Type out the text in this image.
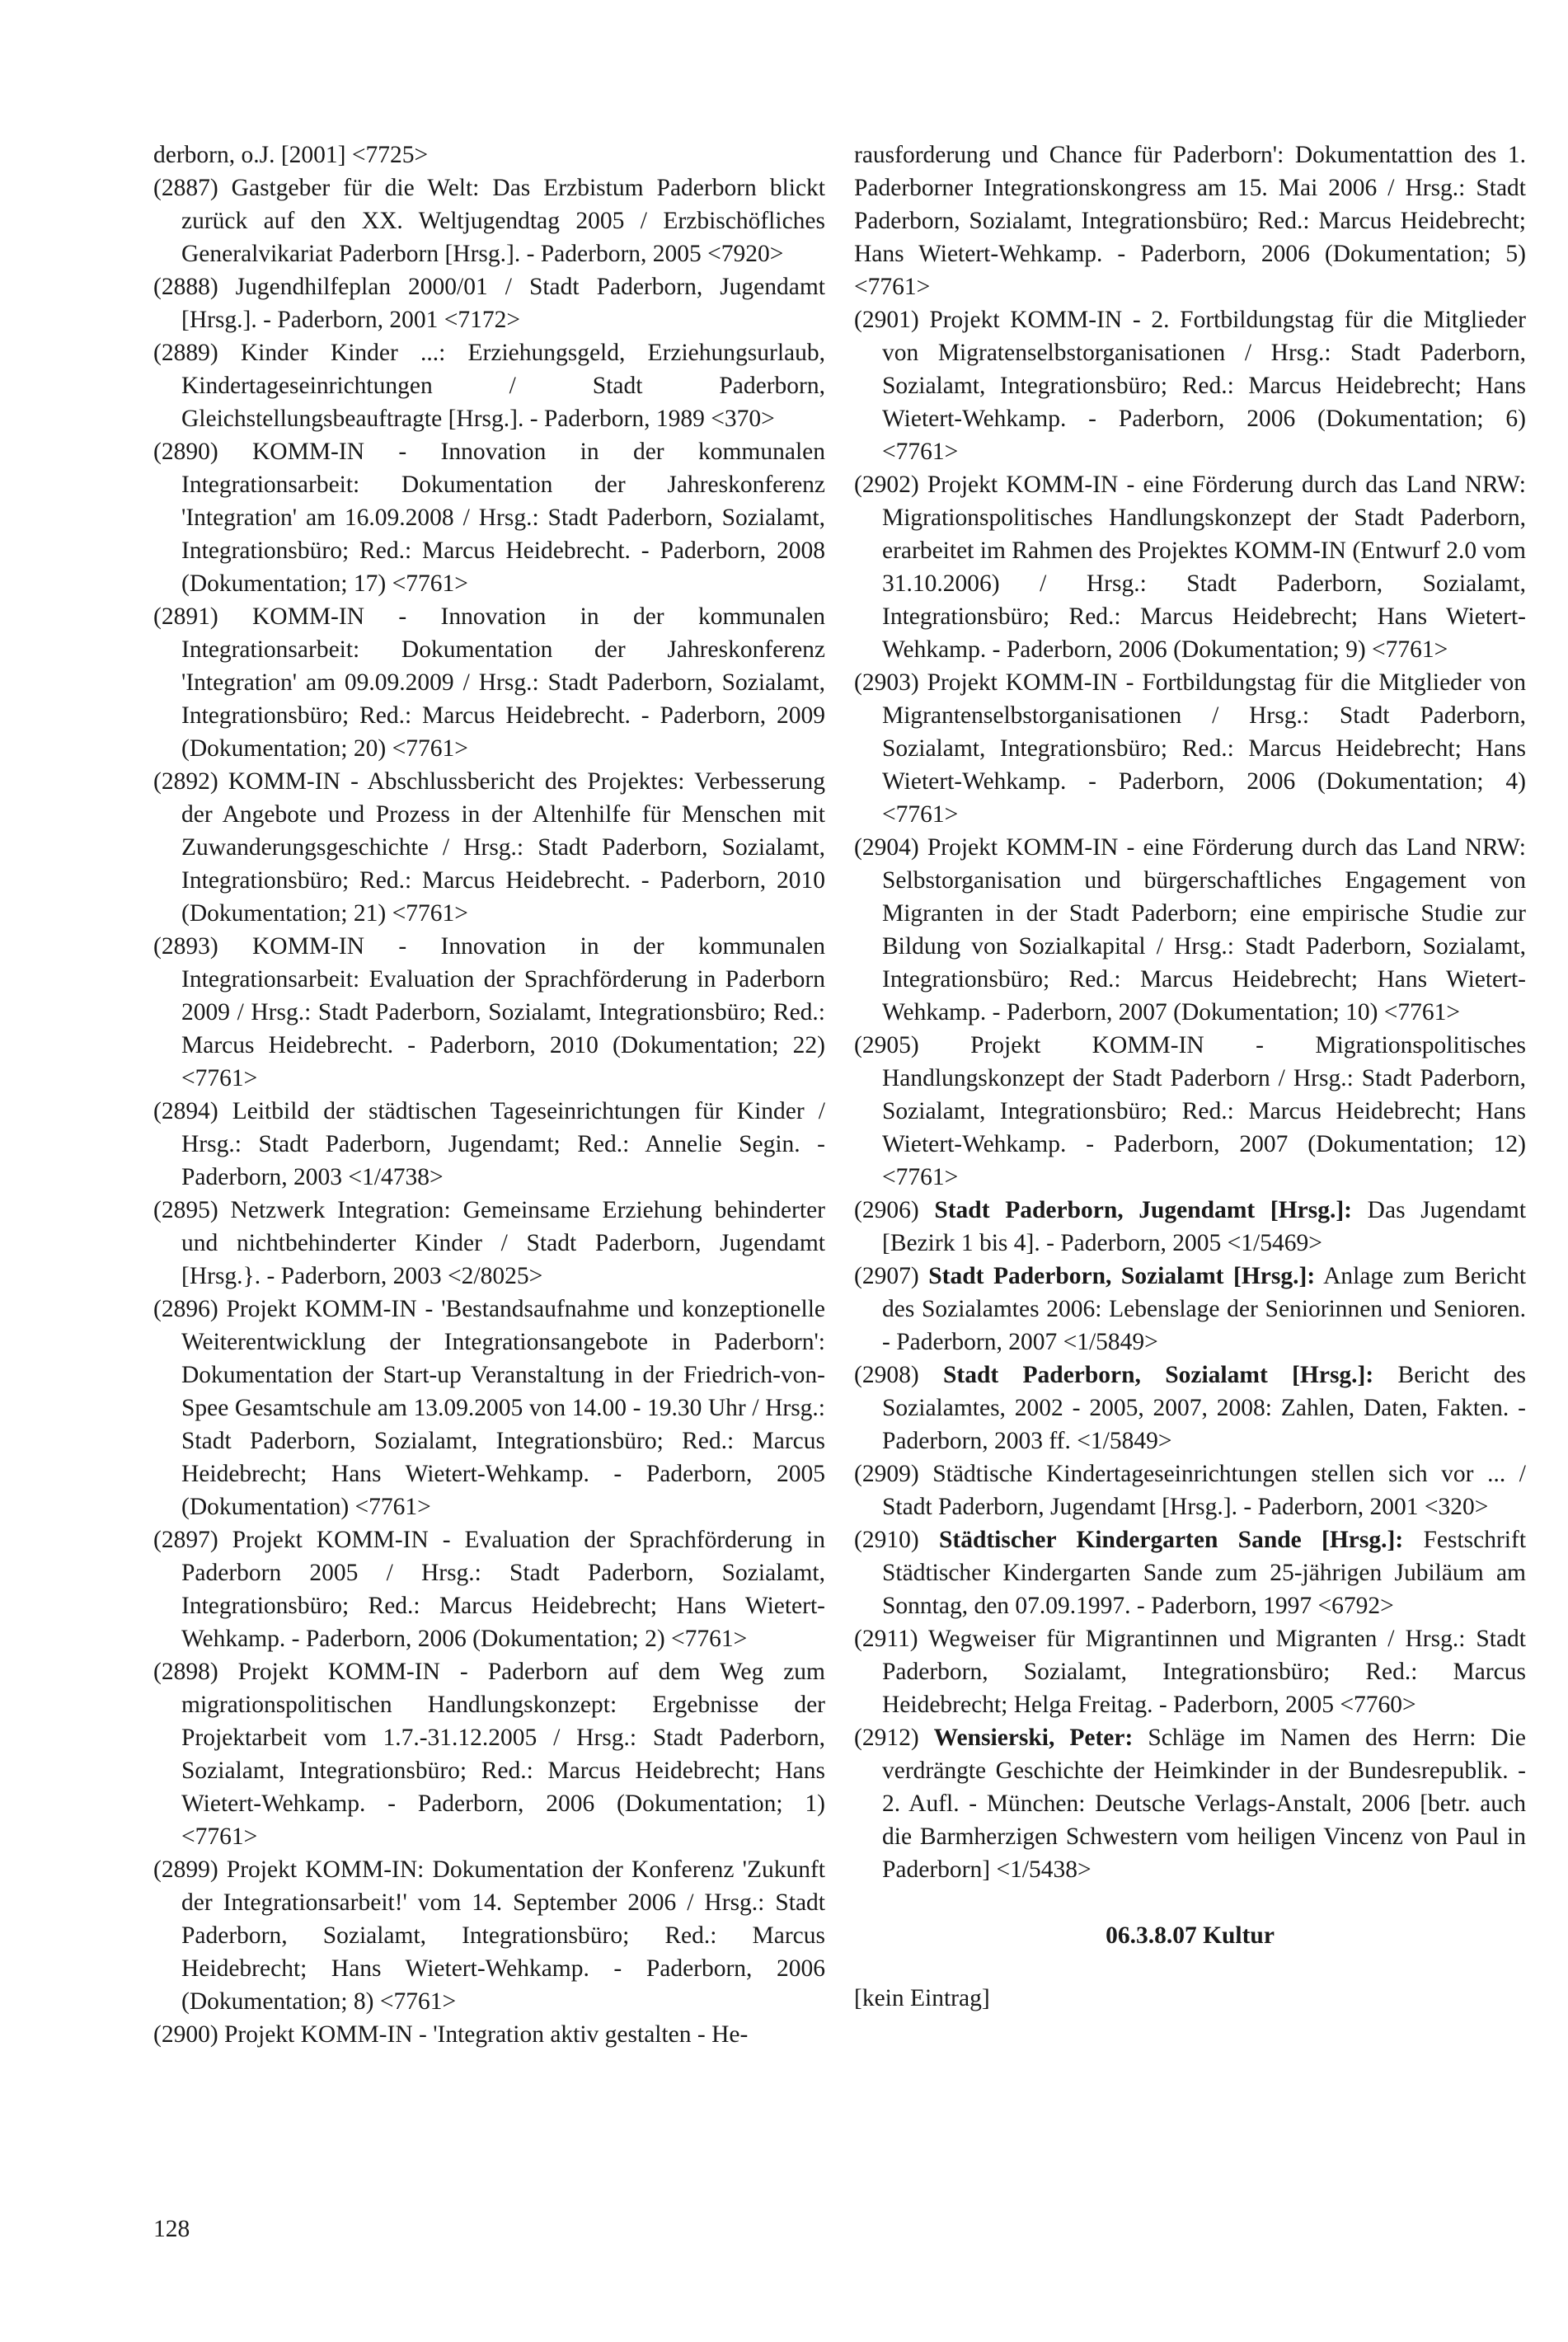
derborn, o.J. [2001] <7725>

(2887) Gastgeber für die Welt: Das Erzbistum Paderborn blickt zurück auf den XX. Weltjugendtag 2005 / Erzbischöfliches Generalvikariat Paderborn [Hrsg.]. - Paderborn, 2005 <7920>

(2888) Jugendhilfeplan 2000/01 / Stadt Paderborn, Jugendamt [Hrsg.]. - Paderborn, 2001 <7172>

(2889) Kinder Kinder ...: Erziehungsgeld, Erziehungsurlaub, Kindertageseinrichtungen / Stadt Paderborn, Gleichstellungsbeauftragte [Hrsg.]. - Paderborn, 1989 <370>

(2890) KOMM-IN - Innovation in der kommunalen Integrationsarbeit: Dokumentation der Jahreskonferenz 'Integration' am 16.09.2008 / Hrsg.: Stadt Paderborn, Sozialamt, Integrationsbüro; Red.: Marcus Heidebrecht. - Paderborn, 2008 (Dokumentation; 17) <7761>

(2891) KOMM-IN - Innovation in der kommunalen Integrationsarbeit: Dokumentation der Jahreskonferenz 'Integration' am 09.09.2009 / Hrsg.: Stadt Paderborn, Sozialamt, Integrationsbüro; Red.: Marcus Heidebrecht. - Paderborn, 2009 (Dokumentation; 20) <7761>

(2892) KOMM-IN - Abschlussbericht des Projektes: Verbesserung der Angebote und Prozess in der Altenhilfe für Menschen mit Zuwanderungsgeschichte / Hrsg.: Stadt Paderborn, Sozialamt, Integrationsbüro; Red.: Marcus Heidebrecht. - Paderborn, 2010 (Dokumentation; 21) <7761>

(2893) KOMM-IN - Innovation in der kommunalen Integrationsarbeit: Evaluation der Sprachförderung in Paderborn 2009 / Hrsg.: Stadt Paderborn, Sozialamt, Integrationsbüro; Red.: Marcus Heidebrecht. - Paderborn, 2010 (Dokumentation; 22) <7761>

(2894) Leitbild der städtischen Tageseinrichtungen für Kinder / Hrsg.: Stadt Paderborn, Jugendamt; Red.: Annelie Segin. - Paderborn, 2003 <1/4738>

(2895) Netzwerk Integration: Gemeinsame Erziehung behinderter und nichtbehinderter Kinder / Stadt Paderborn, Jugendamt [Hrsg.}. - Paderborn, 2003 <2/8025>

(2896) Projekt KOMM-IN - 'Bestandsaufnahme und konzeptionelle Weiterentwicklung der Integrationsangebote in Paderborn': Dokumentation der Start-up Veranstaltung in der Friedrich-von-Spee Gesamtschule am 13.09.2005 von 14.00 - 19.30 Uhr / Hrsg.: Stadt Paderborn, Sozialamt, Integrationsbüro; Red.: Marcus Heidebrecht; Hans Wietert-Wehkamp. - Paderborn, 2005 (Dokumentation) <7761>

(2897) Projekt KOMM-IN - Evaluation der Sprachförderung in Paderborn 2005 / Hrsg.: Stadt Paderborn, Sozialamt, Integrationsbüro; Red.: Marcus Heidebrecht; Hans Wietert-Wehkamp. - Paderborn, 2006 (Dokumentation; 2) <7761>

(2898) Projekt KOMM-IN - Paderborn auf dem Weg zum migrationspolitischen Handlungskonzept: Ergebnisse der Projektarbeit vom 1.7.-31.12.2005 / Hrsg.: Stadt Paderborn, Sozialamt, Integrationsbüro; Red.: Marcus Heidebrecht; Hans Wietert-Wehkamp. - Paderborn, 2006 (Dokumentation; 1) <7761>

(2899) Projekt KOMM-IN: Dokumentation der Konferenz 'Zukunft der Integrationsarbeit!' vom 14. September 2006 / Hrsg.: Stadt Paderborn, Sozialamt, Integrationsbüro; Red.: Marcus Heidebrecht; Hans Wietert-Wehkamp. - Paderborn, 2006 (Dokumentation; 8) <7761>

(2900) Projekt KOMM-IN - 'Integration aktiv gestalten - He-

rausforderung und Chance für Paderborn': Dokumentattion des 1. Paderborner Integrationskongress am 15. Mai 2006 / Hrsg.: Stadt Paderborn, Sozialamt, Integrationsbüro; Red.: Marcus Heidebrecht; Hans Wietert-Wehkamp. - Paderborn, 2006 (Dokumentation; 5) <7761>

(2901) Projekt KOMM-IN - 2. Fortbildungstag für die Mitglieder von Migratenselbstorganisationen / Hrsg.: Stadt Paderborn, Sozialamt, Integrationsbüro; Red.: Marcus Heidebrecht; Hans Wietert-Wehkamp. - Paderborn, 2006 (Dokumentation; 6) <7761>

(2902) Projekt KOMM-IN - eine Förderung durch das Land NRW: Migrationspolitisches Handlungskonzept der Stadt Paderborn, erarbeitet im Rahmen des Projektes KOMM-IN (Entwurf 2.0 vom 31.10.2006) / Hrsg.: Stadt Paderborn, Sozialamt, Integrationsbüro; Red.: Marcus Heidebrecht; Hans Wietert-Wehkamp. - Paderborn, 2006 (Dokumentation; 9) <7761>

(2903) Projekt KOMM-IN - Fortbildungstag für die Mitglieder von Migrantenselbstorganisationen / Hrsg.: Stadt Paderborn, Sozialamt, Integrationsbüro; Red.: Marcus Heidebrecht; Hans Wietert-Wehkamp. - Paderborn, 2006 (Dokumentation; 4) <7761>

(2904) Projekt KOMM-IN - eine Förderung durch das Land NRW: Selbstorganisation und bürgerschaftliches Engagement von Migranten in der Stadt Paderborn; eine empirische Studie zur Bildung von Sozialkapital / Hrsg.: Stadt Paderborn, Sozialamt, Integrationsbüro; Red.: Marcus Heidebrecht; Hans Wietert-Wehkamp. - Paderborn, 2007 (Dokumentation; 10) <7761>

(2905) Projekt KOMM-IN - Migrationspolitisches Handlungskonzept der Stadt Paderborn / Hrsg.: Stadt Paderborn, Sozialamt, Integrationsbüro; Red.: Marcus Heidebrecht; Hans Wietert-Wehkamp. - Paderborn, 2007 (Dokumentation; 12) <7761>

(2906) Stadt Paderborn, Jugendamt [Hrsg.]: Das Jugendamt [Bezirk 1 bis 4]. - Paderborn, 2005 <1/5469>

(2907) Stadt Paderborn, Sozialamt [Hrsg.]: Anlage zum Bericht des Sozialamtes 2006: Lebenslage der Seniorinnen und Senioren. - Paderborn, 2007 <1/5849>

(2908) Stadt Paderborn, Sozialamt [Hrsg.]: Bericht des Sozialamtes, 2002 - 2005, 2007, 2008: Zahlen, Daten, Fakten. - Paderborn, 2003 ff. <1/5849>

(2909) Städtische Kindertageseinrichtungen stellen sich vor ... / Stadt Paderborn, Jugendamt [Hrsg.]. - Paderborn, 2001 <320>

(2910) Städtischer Kindergarten Sande [Hrsg.]: Festschrift Städtischer Kindergarten Sande zum 25-jährigen Jubiläum am Sonntag, den 07.09.1997. - Paderborn, 1997 <6792>

(2911) Wegweiser für Migrantinnen und Migranten / Hrsg.: Stadt Paderborn, Sozialamt, Integrationsbüro; Red.: Marcus Heidebrecht; Helga Freitag. - Paderborn, 2005 <7760>

(2912) Wensierski, Peter: Schläge im Namen des Herrn: Die verdrängte Geschichte der Heimkinder in der Bundesrepublik. - 2. Aufl. - München: Deutsche Verlags-Anstalt, 2006 [betr. auch die Barmherzigen Schwestern vom heiligen Vincenz von Paul in Paderborn] <1/5438>

06.3.8.07 Kultur

[kein Eintrag]

128
